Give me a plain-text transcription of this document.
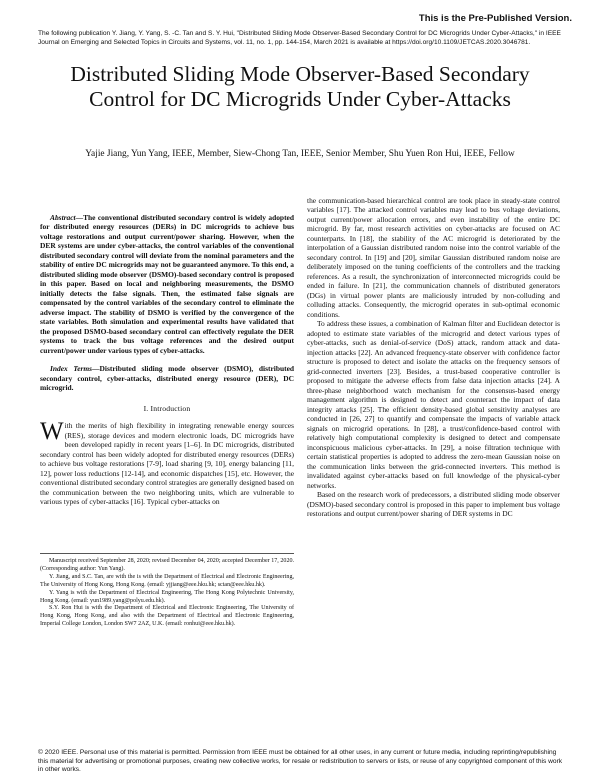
This is the Pre-Published Version.
The following publication Y. Jiang, Y. Yang, S. -C. Tan and S. Y. Hui, "Distributed Sliding Mode Observer-Based Secondary Control for DC Microgrids Under Cyber-Attacks," in IEEE Journal on Emerging and Selected Topics in Circuits and Systems, vol. 11, no. 1, pp. 144-154, March 2021 is available at https://doi.org/10.1109/JETCAS.2020.3046781.
Distributed Sliding Mode Observer-Based Secondary Control for DC Microgrids Under Cyber-Attacks
Yajie Jiang, Yun Yang, IEEE, Member, Siew-Chong Tan, IEEE, Senior Member, Shu Yuen Ron Hui, IEEE, Fellow

Abstract—The conventional distributed secondary control is widely adopted for distributed energy resources (DERs) in DC microgrids to achieve bus voltage restorations and output current/power sharing. However, when the DER systems are under cyber-attacks, the control variables of the conventional distributed secondary control will deviate from the nominal parameters and the stability of entire DC microgrids may not be guaranteed anymore. To this end, a distributed sliding mode observer (DSMO)-based secondary control is proposed in this paper. Based on local and neighboring measurements, the DSMO initially detects the false signals. Then, the estimated false signals are compensated by the control variables of the secondary control to eliminate the adverse impact. The stability of DSMO is verified by the convergence of the state variables. Both simulation and experimental results have validated that the proposed DSMO-based secondary control can effectively regulate the DER systems to track the bus voltage references and the desired output current/power under various types of cyber-attacks.

Index Terms—Distributed sliding mode observer (DSMO), distributed secondary control, cyber-attacks, distributed energy resource (DER), DC microgrid.

I. Introduction

With the merits of high flexibility in integrating renewable energy sources (RES), storage devices and modern electronic loads, DC microgrids have been developed rapidly in recent years [1–6]. In DC microgrids, distributed secondary control has been widely adopted for distributed energy resources (DERs) to achieve bus voltage restorations [7-9], load sharing [9, 10], energy balancing [11, 12], power loss reductions [12-14], and economic dispatches [15], etc. However, the conventional distributed secondary control strategies are generally designed based on the communication between the two neighboring units, which are vulnerable to various types of cyber-attacks [16]. Typical cyber-attacks on

Manuscript received September 28, 2020; revised December 04, 2020; accepted December 17, 2020. (Corresponding author: Yun Yang).

Y. Jiang, and S.C. Tan, are with the is with the Department of Electrical and Electronic Engineering, The University of Hong Kong, Hong Kong. (email: yjjiang@eee.hku.hk; sctan@eee.hku.hk).

Y. Yang is with the Department of Electrical Engineering, The Hong Kong Polytechnic University, Hong Kong. (email: yun1989.yang@polyu.edu.hk).

S.Y. Ron Hui is with the Department of Electrical and Electronic Engineering, The University of Hong Kong, Hong Kong, and also with the Department of Electrical and Electronic Engineering, Imperial College London, London SW7 2AZ, U.K. (email: ronhui@eee.hku.hk).

the communication-based hierarchical control are took place in steady-state control variables [17]. The attacked control variables may lead to bus voltage deviations, output current/power allocation errors, and even instability of the entire DC microgrid. By far, most research activities on cyber-attacks are focused on AC counterparts. In [18], the stability of the AC microgrid is deteriorated by the interpolation of a Gaussian distributed random noise into the control variable of the secondary control. In [19] and [20], similar Gaussian distributed random noise are deliberately imposed on the tuning coefficients of the controllers and the tracking references. As a result, the synchronization of interconnected microgrids could be ended in failure. In [21], the communication channels of distributed generators (DGs) in virtual power plants are maliciously intruded by non-colluding and colluding attacks. Consequently, the microgrid operates in sub-optimal economic conditions.

To address these issues, a combination of Kalman filter and Euclidean detector is adopted to estimate state variables of the microgrid and detect various types of cyber-attacks, such as denial-of-service (DoS) attack, random attack and data-injection attacks [22]. An advanced frequency-state observer with confidence factor structure is proposed to detect and isolate the attacks on the frequency sensors of grid-connected inverters [23]. Besides, a trust-based cooperative controller is proposed to mitigate the adverse effects from false data injection attacks [24]. A three-phase neighborhood watch mechanism for the consensus-based energy management algorithm is designed to detect and counteract the impact of data integrity attacks [25]. The efficient density-based global sensitivity analyses are conducted in [26, 27] to quantify and compensate the impacts of variable attack signals on microgrid operations. In [28], a trust/confidence-based control with relatively high computational complexity is designed to detect and compensate inconspicuous malicious cyber-attacks. In [29], a noise filtration technique with certain statistical properties is adopted to address the zero-mean Gaussian noise on the communication links between the grid-connected inverters. This method is invalidated against cyber-attacks based on full knowledge of the physical-cyber networks.

Based on the research work of predecessors, a distributed sliding mode observer (DSMO)-based secondary control is proposed in this paper to implement bus voltage restorations and output current/power sharing of DER systems in DC

© 2020 IEEE. Personal use of this material is permitted. Permission from IEEE must be obtained for all other uses, in any current or future media, including reprinting/republishing this material for advertising or promotional purposes, creating new collective works, for resale or redistribution to servers or lists, or reuse of any copyrighted component of this work in other works.
